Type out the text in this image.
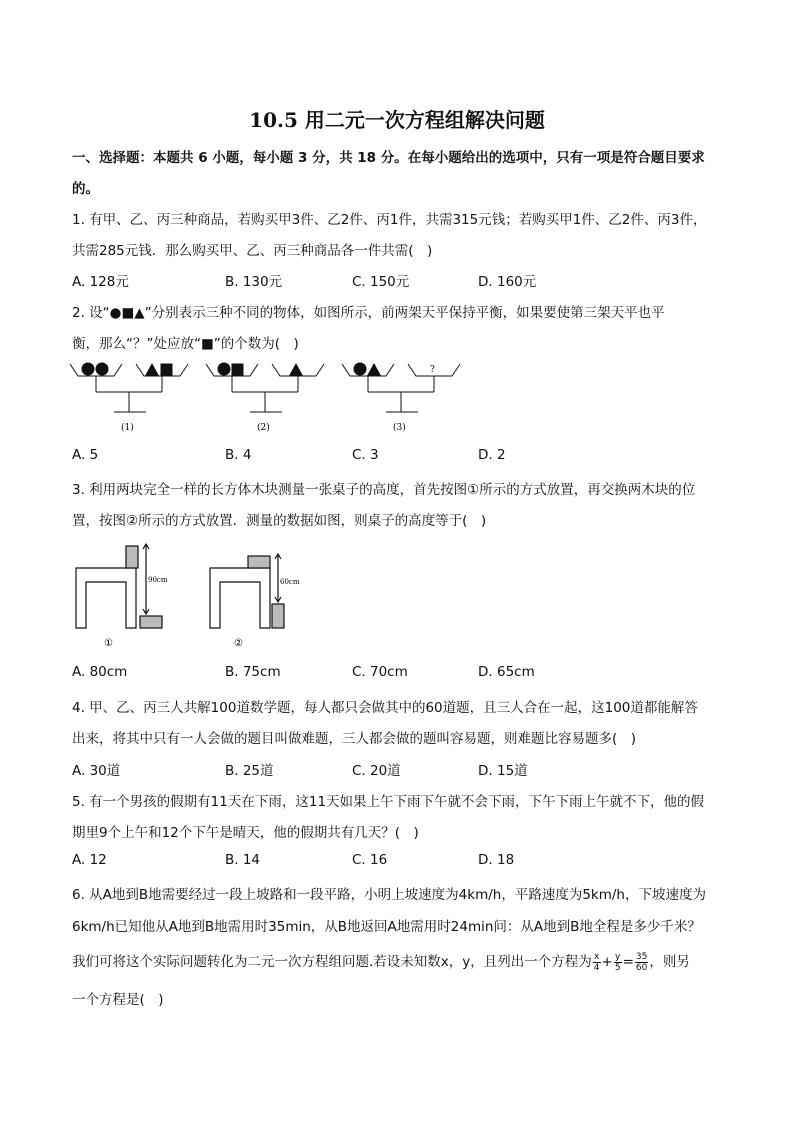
10.5 用二元一次方程组解决问题
一、选择题：本题共 6 小题，每小题 3 分，共 18 分。在每小题给出的选项中，只有一项是符合题目要求
的。
1. 有甲、乙、丙三种商品，若购买甲3件、乙2件、丙1件，共需315元钱；若购买甲1件、乙2件、丙3件，
共需285元钱．那么购买甲、乙、丙三种商品各一件共需(　)
A. 128元	B. 130元	C. 150元	D. 160元
2. 设“●■▲”分别表示三种不同的物体，如图所示，前两架天平保持平衡，如果要使第三架天平也平
衡，那么“？”处应放“■”的个数为(　)
(1)	(2)
?
(3)
A. 5	B. 4	C. 3	D. 2
3. 利用两块完全一样的长方体木块测量一张桌子的高度，首先按图①所示的方式放置，再交换两木块的位
置，按图②所示的方式放置．测量的数据如图，则桌子的高度等于(　)
90cm
①
60cm
②
A. 80cm	B. 75cm	C. 70cm	D. 65cm
4. 甲、乙、丙三人共解100道数学题，每人都只会做其中的60道题，且三人合在一起，这100道都能解答
出来，将其中只有一人会做的题目叫做难题，三人都会做的题叫容易题，则难题比容易题多(　)
A. 30道	B. 25道	C. 20道	D. 15道
5. 有一个男孩的假期有11天在下雨，这11天如果上午下雨下午就不会下雨，下午下雨上午就不下，他的假
期里9个上午和12个下午是晴天，他的假期共有几天？(　)
A. 12	B. 14	C. 16	D. 18
6. 从A地到B地需要经过一段上坡路和一段平路，小明上坡速度为4km/h，平路速度为5km/h，下坡速度为
6km/h已知他从A地到B地需用时35min，从B地返回A地需用时24min问：从A地到B地全程是多少千米？
我们可将这个实际问题转化为二元一次方程组问题.若设未知数x，y，且列出一个方程为 $\frac{x}{4} + \frac{y}{5} = \frac{35}{60}$ ，则另
一个方程是(　)
